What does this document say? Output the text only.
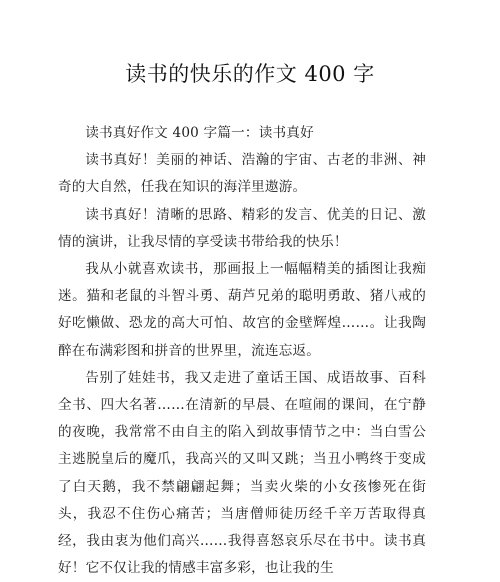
读书的快乐的作文 400 字

读书真好作文 400 字篇一：读书真好

读书真好！美丽的神话、浩瀚的宇宙、古老的非洲、神奇的大自然，任我在知识的海洋里遨游。

读书真好！清晰的思路、精彩的发言、优美的日记、激情的演讲，让我尽情的享受读书带给我的快乐！

我从小就喜欢读书，那画报上一幅幅精美的插图让我痴迷。猫和老鼠的斗智斗勇、葫芦兄弟的聪明勇敢、猪八戒的好吃懒做、恐龙的高大可怕、故宫的金壁辉煌……。让我陶醉在布满彩图和拼音的世界里，流连忘返。

告别了娃娃书，我又走进了童话王国、成语故事、百科全书、四大名著……在清新的早晨、在喧闹的课间，在宁静的夜晚，我常常不由自主的陷入到故事情节之中：当白雪公主逃脱皇后的魔爪，我高兴的又叫又跳；当丑小鸭终于变成了白天鹅，我不禁翩翩起舞；当卖火柴的小女孩惨死在街头，我忍不住伤心痛苦；当唐僧师徒历经千辛万苦取得真经，我由衷为他们高兴……我得喜怒哀乐尽在书中。读书真好！它不仅让我的情感丰富多彩，也让我的生
